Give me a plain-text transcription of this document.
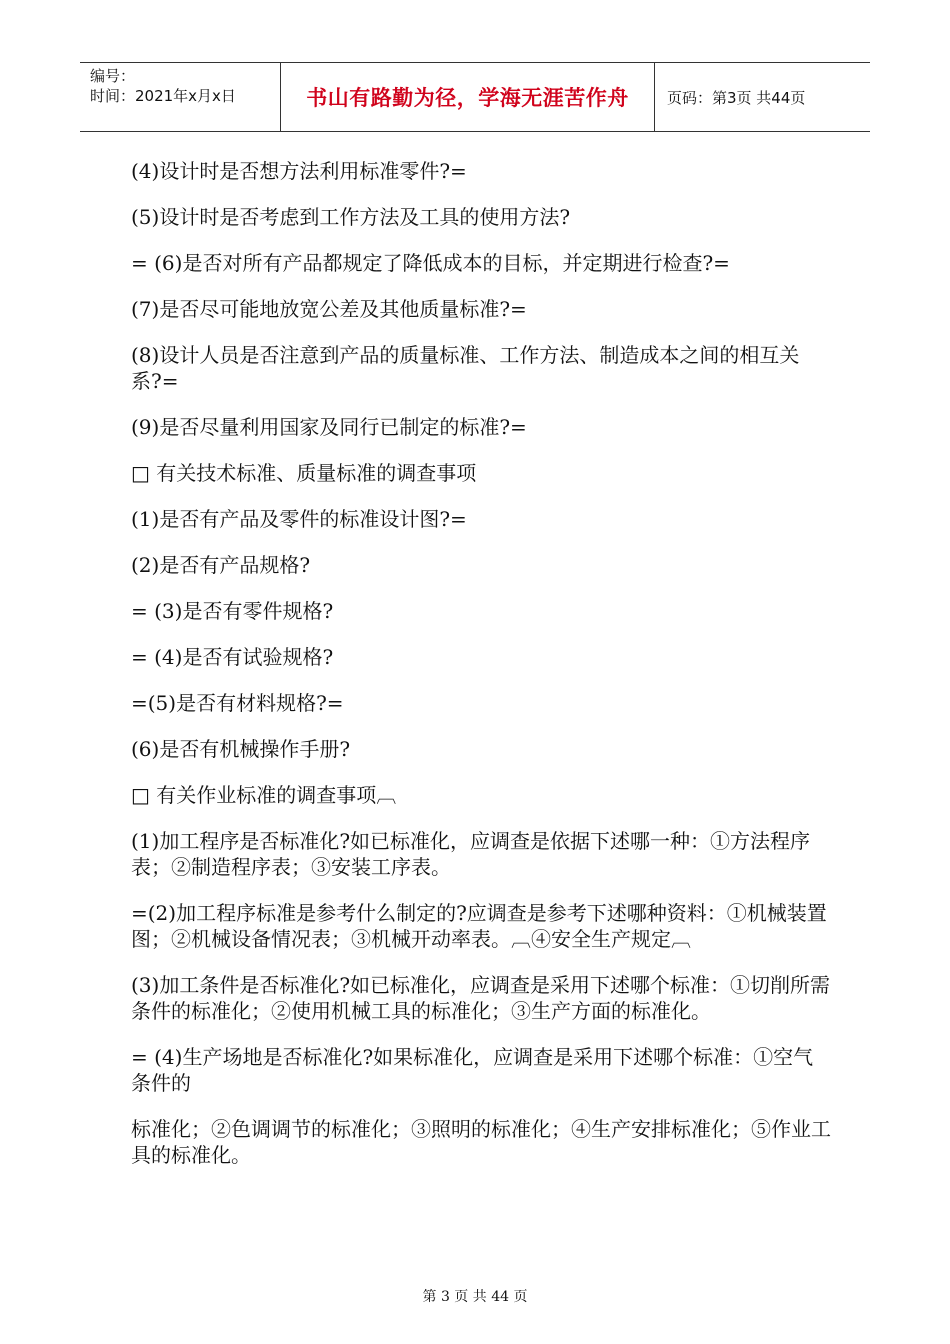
编号：
时间：2021年x月x日	书山有路勤为径，学海无涯苦作舟	页码：第3页 共44页

(4)设计时是否想方法利用标准零件?=

(5)设计时是否考虑到工作方法及工具的使用方法?

= (6)是否对所有产品都规定了降低成本的目标，并定期进行检查?=

(7)是否尽可能地放宽公差及其他质量标准?=

(8)设计人员是否注意到产品的质量标准、工作方法、制造成本之间的相互关系?=

(9)是否尽量利用国家及同行已制定的标准?=

□ 有关技术标准、质量标准的调查事项

(1)是否有产品及零件的标准设计图?=

(2)是否有产品规格?

= (3)是否有零件规格?

= (4)是否有试验规格?

=(5)是否有材料规格?=

(6)是否有机械操作手册?

□ 有关作业标准的调查事项︹

(1)加工程序是否标准化?如已标准化，应调查是依据下述哪一种：①方法程序表；②制造程序表；③安装工序表。

=(2)加工程序标准是参考什么制定的?应调查是参考下述哪种资料：①机械装置图；②机械设备情况表；③机械开动率表。︹④安全生产规定︹

(3)加工条件是否标准化?如已标准化，应调查是采用下述哪个标准：①切削所需条件的标准化；②使用机械工具的标准化；③生产方面的标准化。

= (4)生产场地是否标准化?如果标准化，应调查是采用下述哪个标准：①空气条件的

标准化；②色调调节的标准化；③照明的标准化；④生产安排标准化；⑤作业工具的标准化。

第 3 页 共 44 页
